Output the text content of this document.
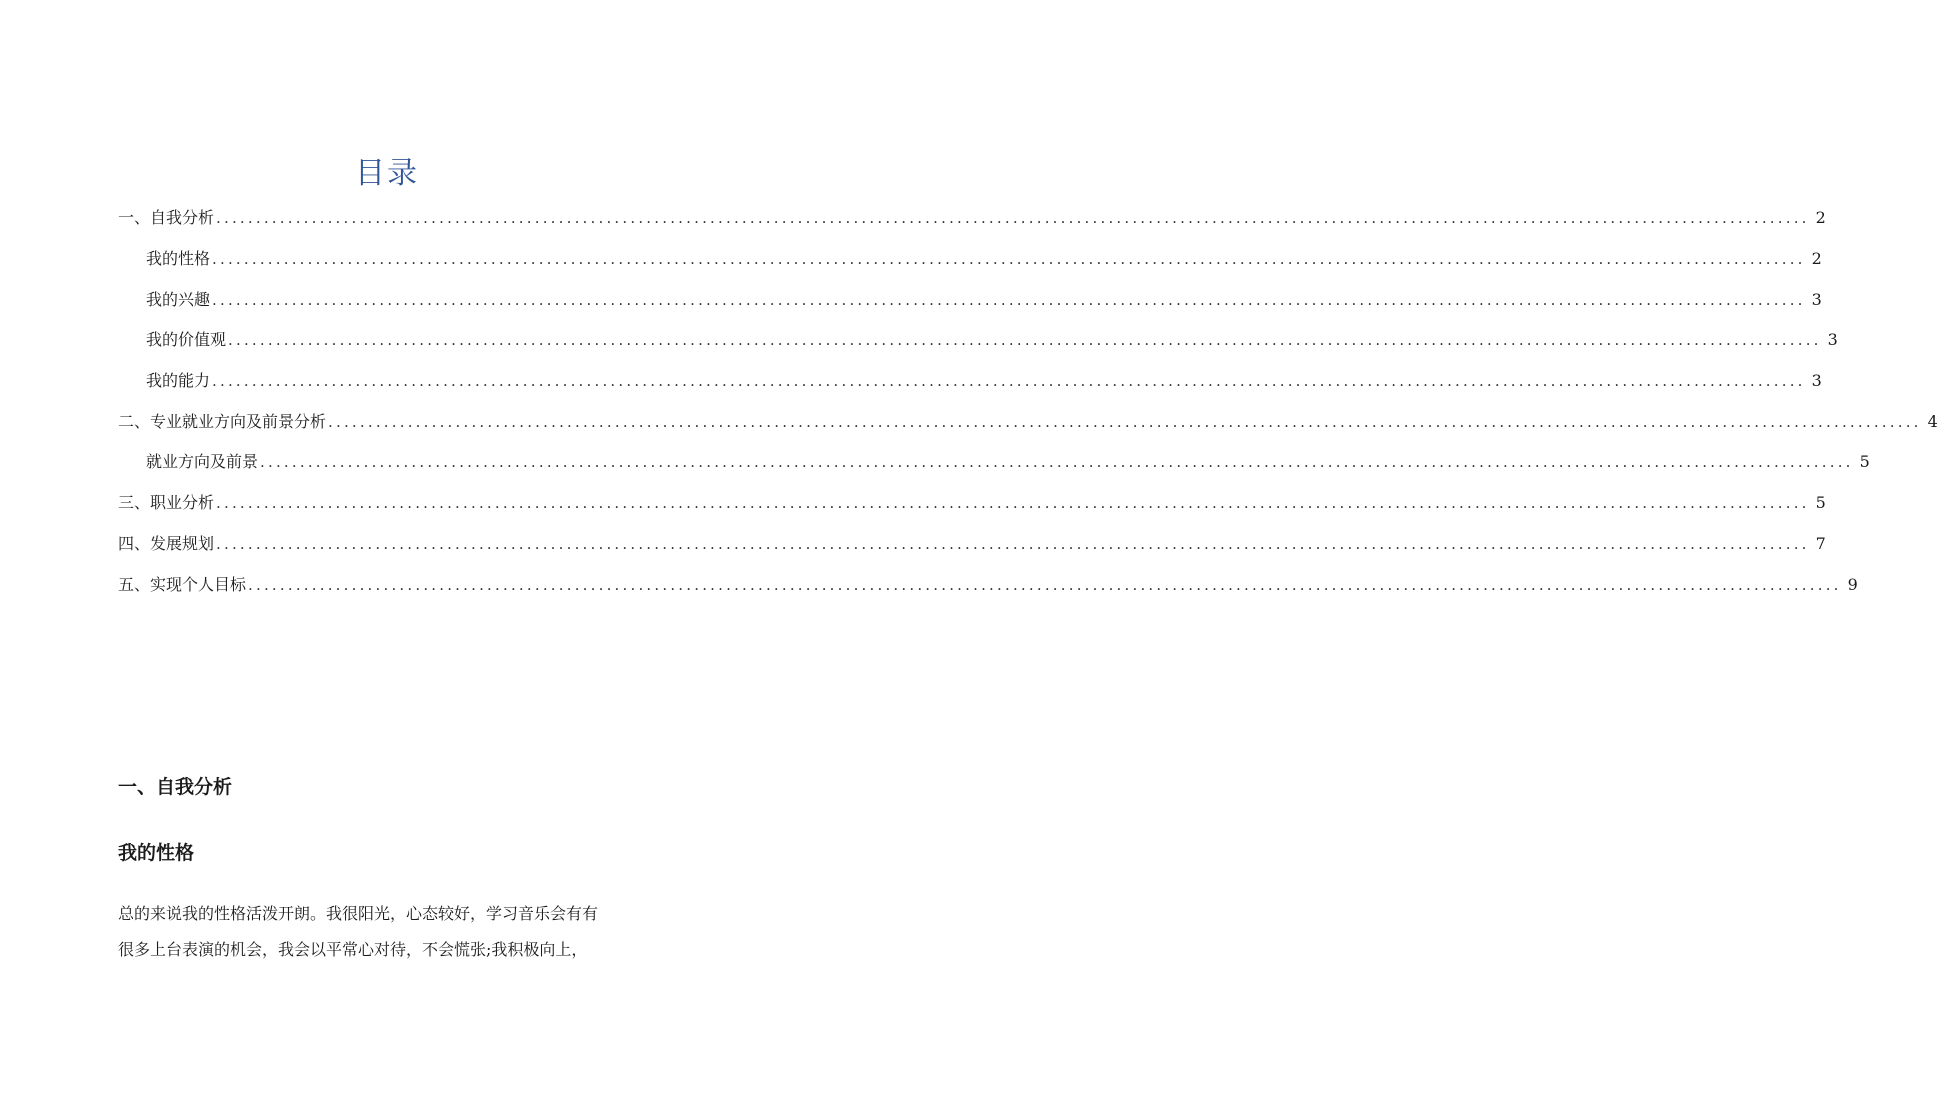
目录
一、自我分析 ........................................................................................................................................................................................................ 2
我的性格 ........................................................................................................................................................................................................ 2
我的兴趣 ........................................................................................................................................................................................................ 3
我的价值观 ........................................................................................................................................................................................................ 3
我的能力 ........................................................................................................................................................................................................ 3
二、专业就业方向及前景分析 ........................................................................................................................................................................................................ 4
就业方向及前景 ........................................................................................................................................................................................................ 5
三、职业分析 ........................................................................................................................................................................................................ 5
四、发展规划 ........................................................................................................................................................................................................ 7
五、实现个人目标 ........................................................................................................................................................................................................ 9
一、自我分析
我的性格
总的来说我的性格活泼开朗。我很阳光，心态较好，学习音乐会有有
很多上台表演的机会，我会以平常心对待，不会慌张;我积极向上，
